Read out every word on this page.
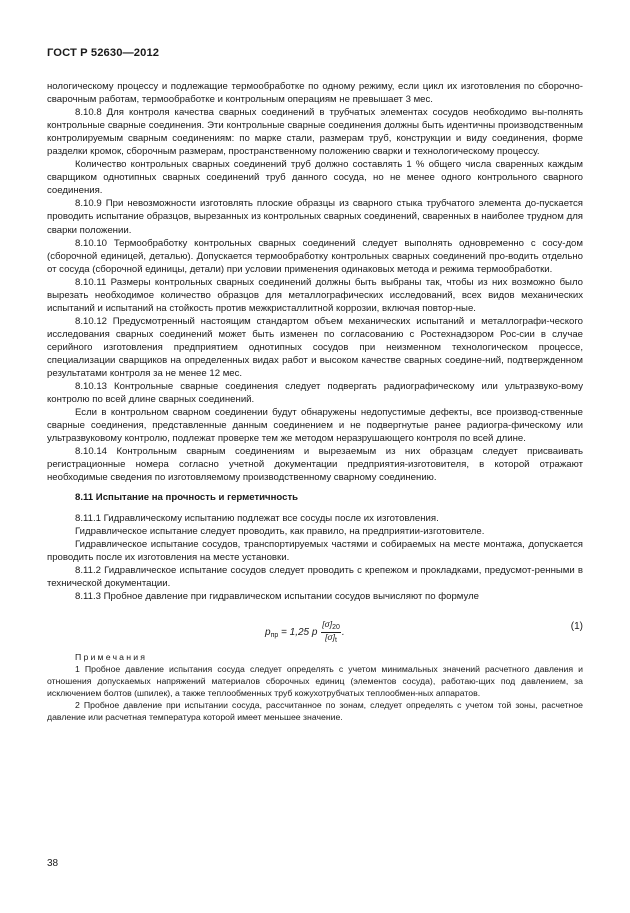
ГОСТ Р 52630—2012

нологическому процессу и подлежащие термообработке по одному режиму, если цикл их изготовления по сборочно-сварочным работам, термообработке и контрольным операциям не превышает 3 мес.

8.10.8 Для контроля качества сварных соединений в трубчатых элементах сосудов необходимо вы-полнять контрольные сварные соединения. Эти контрольные сварные соединения должны быть идентичны производственным контролируемым сварным соединениям: по марке стали, размерам труб, конструкции и виду соединения, форме разделки кромок, сборочным размерам, пространственному положению сварки и технологическому процессу.

Количество контрольных сварных соединений труб должно составлять 1 % общего числа сваренных каждым сварщиком однотипных сварных соединений труб данного сосуда, но не менее одного контрольного сварного соединения.

8.10.9 При невозможности изготовлять плоские образцы из сварного стыка трубчатого элемента до-пускается проводить испытание образцов, вырезанных из контрольных сварных соединений, сваренных в наиболее трудном для сварки положении.

8.10.10 Термообработку контрольных сварных соединений следует выполнять одновременно с сосу-дом (сборочной единицей, деталью). Допускается термообработку контрольных сварных соединений про-водить отдельно от сосуда (сборочной единицы, детали) при условии применения одинаковых метода и режима термообработки.

8.10.11 Размеры контрольных сварных соединений должны быть выбраны так, чтобы из них возможно было вырезать необходимое количество образцов для металлографических исследований, всех видов механических испытаний и испытаний на стойкость против межкристаллитной коррозии, включая повтор-ные.

8.10.12 Предусмотренный настоящим стандартом объем механических испытаний и металлографи-ческого исследования сварных соединений может быть изменен по согласованию с Ростехнадзором Рос-сии в случае серийного изготовления предприятием однотипных сосудов при неизменном технологическом процессе, специализации сварщиков на определенных видах работ и высоком качестве сварных соедине-ний, подтвержденном результатами контроля за не менее 12 мес.

8.10.13 Контрольные сварные соединения следует подвергать радиографическому или ультразвуко-вому контролю по всей длине сварных соединений.

Если в контрольном сварном соединении будут обнаружены недопустимые дефекты, все производ-ственные сварные соединения, представленные данным соединением и не подвергнутые ранее радиогра-фическому или ультразвуковому контролю, подлежат проверке тем же методом неразрушающего контроля по всей длине.

8.10.14 Контрольным сварным соединениям и вырезаемым из них образцам следует присваивать регистрационные номера согласно учетной документации предприятия-изготовителя, в которой отражают необходимые сведения по изготовляемому производственному сварному соединению.

8.11 Испытание на прочность и герметичность

8.11.1 Гидравлическому испытанию подлежат все сосуды после их изготовления.

Гидравлическое испытание следует проводить, как правило, на предприятии-изготовителе.

Гидравлическое испытание сосудов, транспортируемых частями и собираемых на месте монтажа, допускается проводить после их изготовления на месте установки.

8.11.2 Гидравлическое испытание сосудов следует проводить с крепежом и прокладками, предусмот-ренными в технической документации.

8.11.3 Пробное давление при гидравлическом испытании сосудов вычисляют по формуле

$p_{пр} = 1,25$ p $\frac{[\sigma]_{20}}{[\sigma]_t}$ .
(1)

Примечания

1 Пробное давление испытания сосуда следует определять с учетом минимальных значений расчетного давления и отношения допускаемых напряжений материалов сборочных единиц (элементов сосуда), работаю-щих под давлением, за исключением болтов (шпилек), а также теплообменных труб кожухотрубчатых теплообмен-ных аппаратов.

2 Пробное давление при испытании сосуда, рассчитанное по зонам, следует определять с учетом той зоны, расчетное давление или расчетная температура которой имеет меньшее значение.

38
